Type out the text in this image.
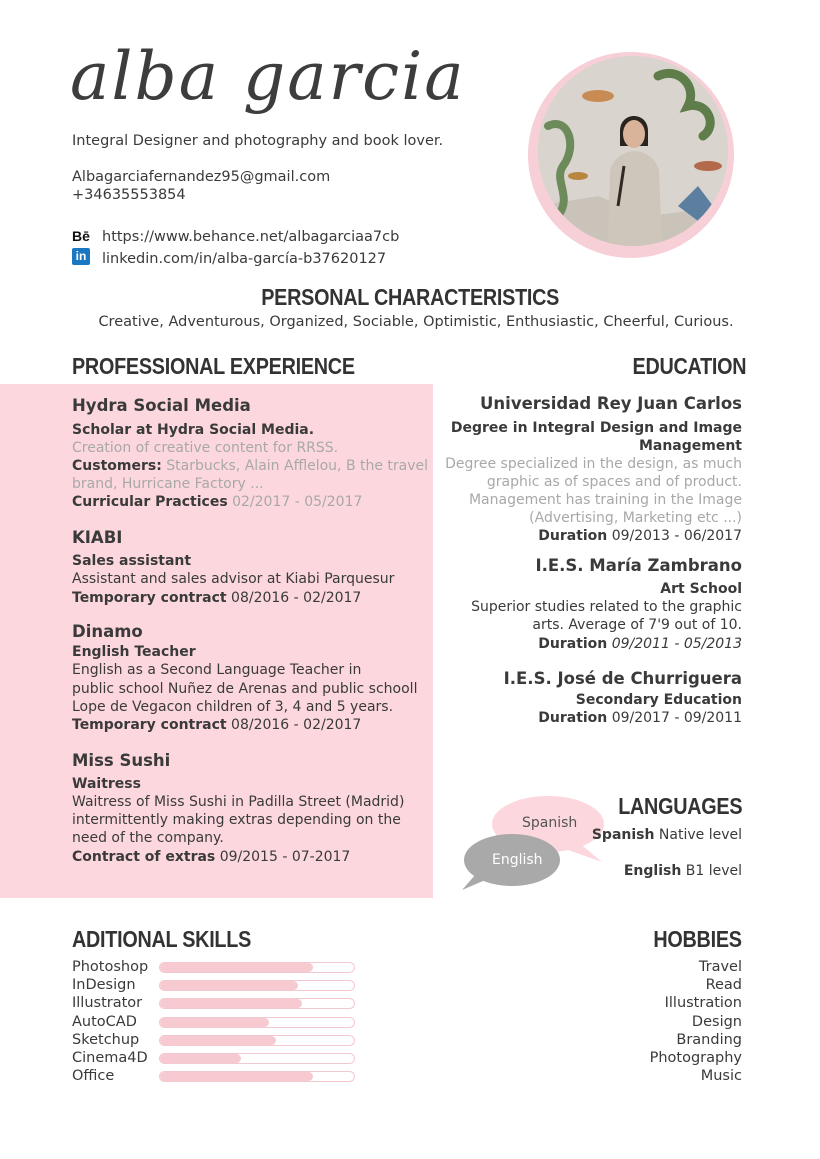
alba garcia
Integral Designer and photography and book lover.
Albagarciafernandez95@gmail.com
+34635553854
Bē https://www.behance.net/albagarciaa7cb
in linkedin.com/in/alba-garcía-b37620127
PERSONAL CHARACTERISTICS
Creative, Adventurous, Organized, Sociable, Optimistic, Enthusiastic, Cheerful, Curious.
PROFESSIONAL EXPERIENCE	EDUCATION
Hydra Social Media
Scholar at Hydra Social Media.
Creation of creative content for RRSS.
Customers: Starbucks, Alain Afflelou, B the travel
brand, Hurricane Factory ...
Curricular Practices 02/2017 - 05/2017
KIABI
Sales assistant
Assistant and sales advisor at Kiabi Parquesur
Temporary contract 08/2016 - 02/2017
Dinamo
English Teacher
English as a Second Language Teacher in
public school Nuñez de Arenas and public schooll
Lope de Vegacon children of 3, 4 and 5 years.
Temporary contract 08/2016 - 02/2017
Miss Sushi
Waitress
Waitress of Miss Sushi in Padilla Street (Madrid)
intermittently making extras depending on the
need of the company.
Contract of extras 09/2015 - 07-2017
Universidad Rey Juan Carlos
Degree in Integral Design and Image
Management
Degree specialized in the design, as much
graphic as of spaces and of product.
Management has training in the Image
(Advertising, Marketing etc ...)
Duration 09/2013 - 06/2017
I.E.S. María Zambrano
Art School
Superior studies related to the graphic
arts. Average of 7'9 out of 10.
Duration 09/2011 - 05/2013
I.E.S. José de Churriguera
Secondary Education
Duration 09/2017 - 09/2011
LANGUAGES
Spanish
English
Spanish Native level
English B1 level
ADITIONAL SKILLS
Photoshop
InDesign
Illustrator
AutoCAD
Sketchup
Cinema4D
Office
HOBBIES
Travel
Read
Illustration
Design
Branding
Photography
Music
